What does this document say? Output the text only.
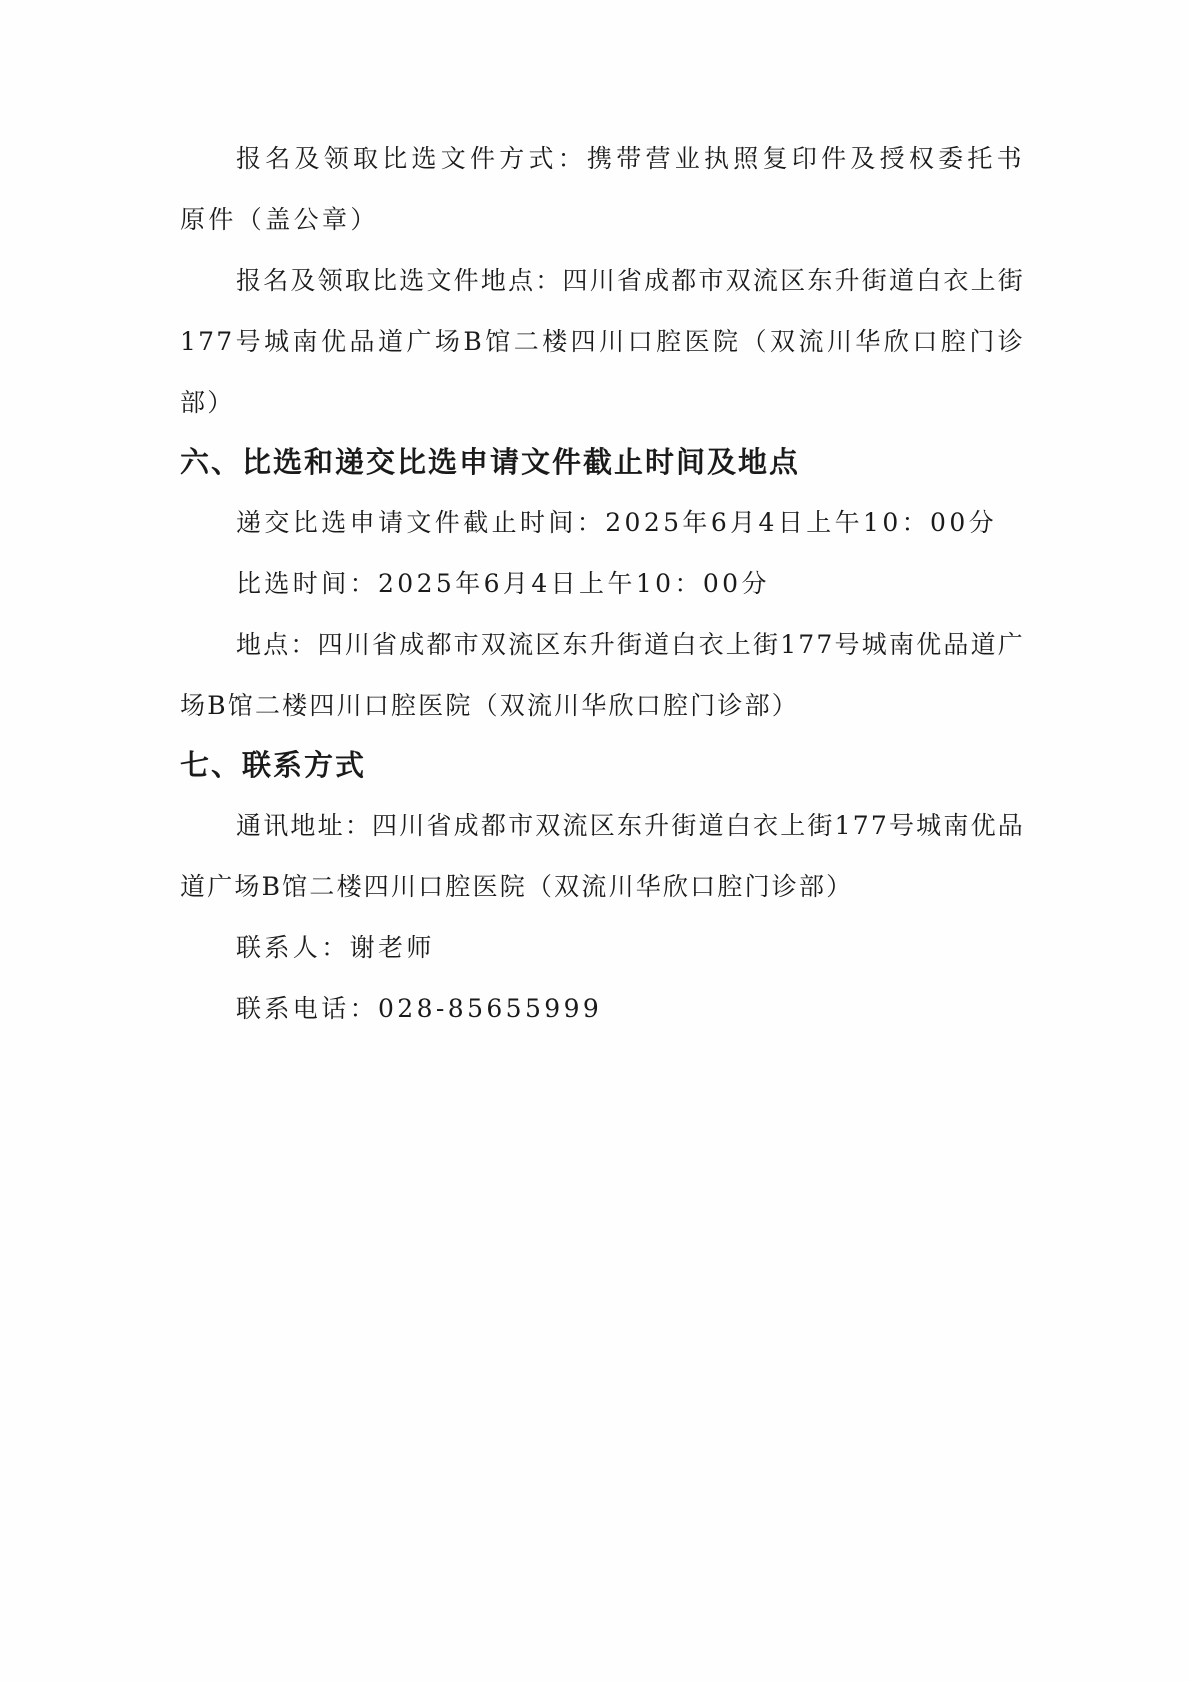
报名及领取比选文件方式：携带营业执照复印件及授权委托书原件（盖公章）

报名及领取比选文件地点：四川省成都市双流区东升街道白衣上街177号城南优品道广场B馆二楼四川口腔医院（双流川华欣口腔门诊部）

六、比选和递交比选申请文件截止时间及地点

递交比选申请文件截止时间：2025年6月4日上午10：00分

比选时间：2025年6月4日上午10：00分

地点：四川省成都市双流区东升街道白衣上街177号城南优品道广场B馆二楼四川口腔医院（双流川华欣口腔门诊部）

七、联系方式

通讯地址：四川省成都市双流区东升街道白衣上街177号城南优品道广场B馆二楼四川口腔医院（双流川华欣口腔门诊部）

联系人：谢老师

联系电话：028-85655999
